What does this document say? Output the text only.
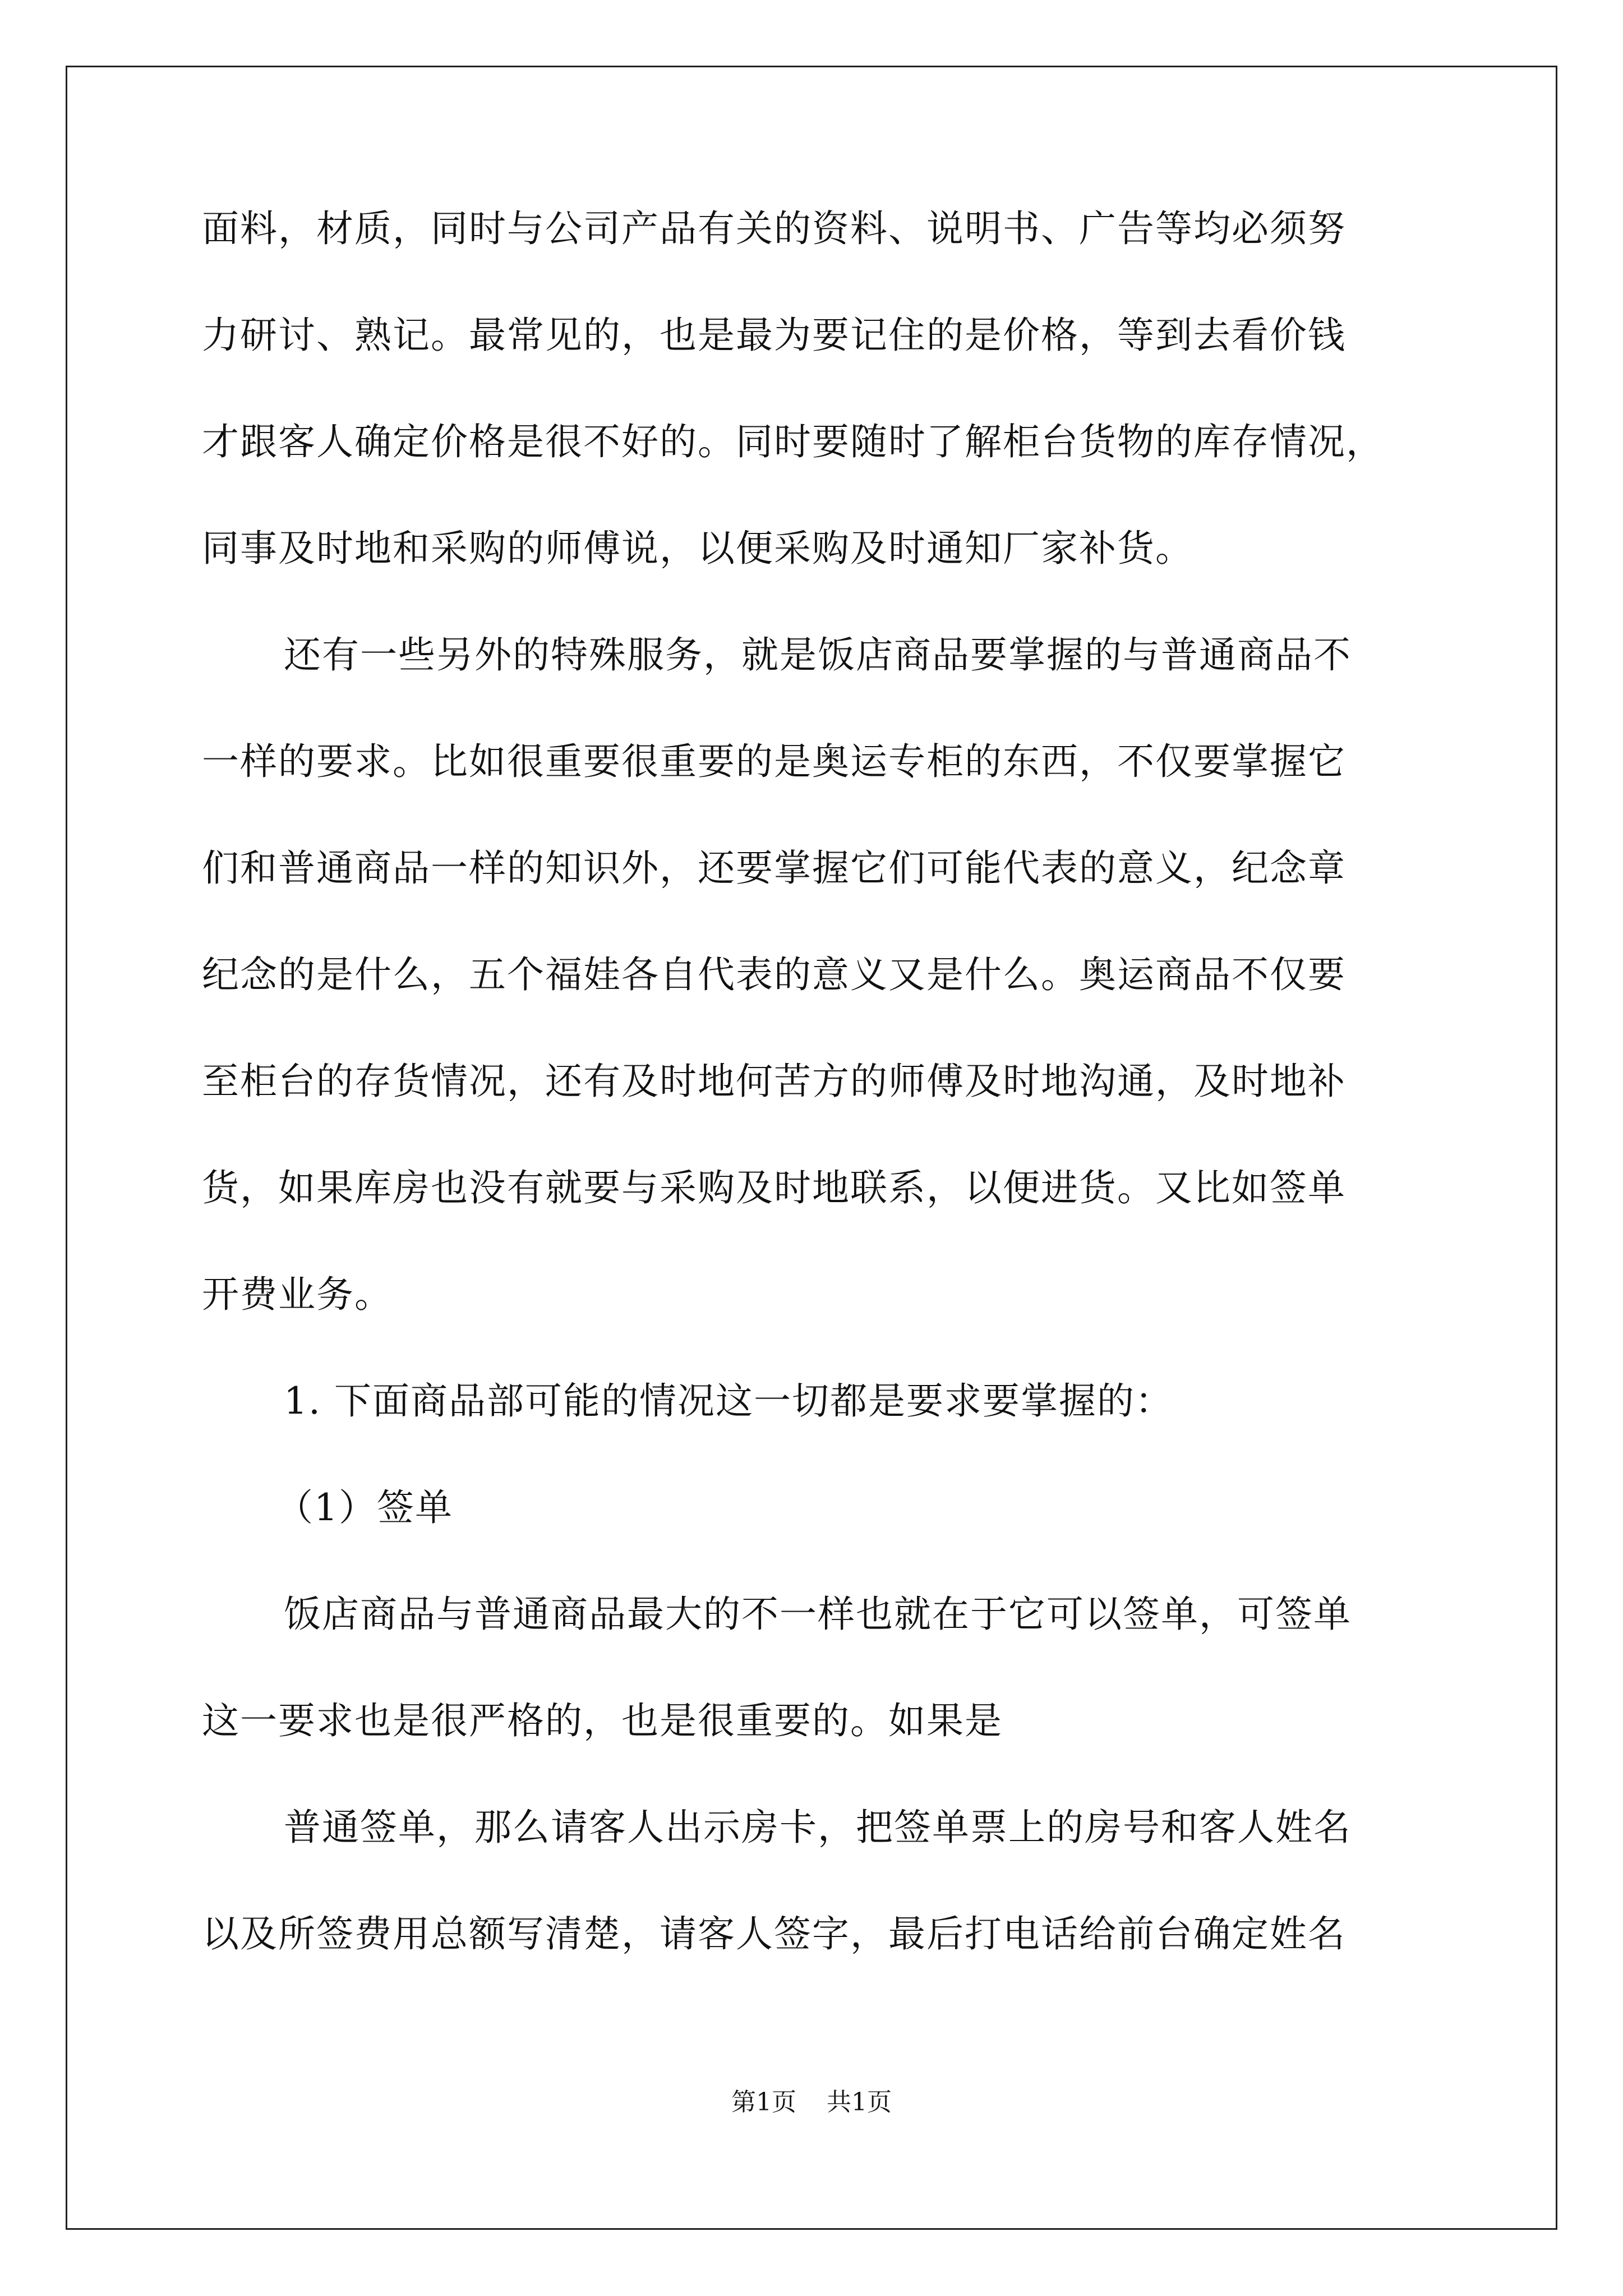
面料，材质，同时与公司产品有关的资料、说明书、广告等均必须努
力研讨、熟记。最常见的，也是最为要记住的是价格，等到去看价钱
才跟客人确定价格是很不好的。同时要随时了解柜台货物的库存情况，
同事及时地和采购的师傅说，以便采购及时通知厂家补货。
还有一些另外的特殊服务，就是饭店商品要掌握的与普通商品不
一样的要求。比如很重要很重要的是奥运专柜的东西，不仅要掌握它
们和普通商品一样的知识外，还要掌握它们可能代表的意义，纪念章
纪念的是什么，五个福娃各自代表的意义又是什么。奥运商品不仅要
至柜台的存货情况，还有及时地何苦方的师傅及时地沟通，及时地补
货，如果库房也没有就要与采购及时地联系，以便进货。又比如签单
开费业务。
1. 下面商品部可能的情况这一切都是要求要掌握的：
（1）签单
饭店商品与普通商品最大的不一样也就在于它可以签单，可签单
这一要求也是很严格的，也是很重要的。如果是
普通签单，那么请客人出示房卡，把签单票上的房号和客人姓名
以及所签费用总额写清楚，请客人签字，最后打电话给前台确定姓名
第1页 共1页
